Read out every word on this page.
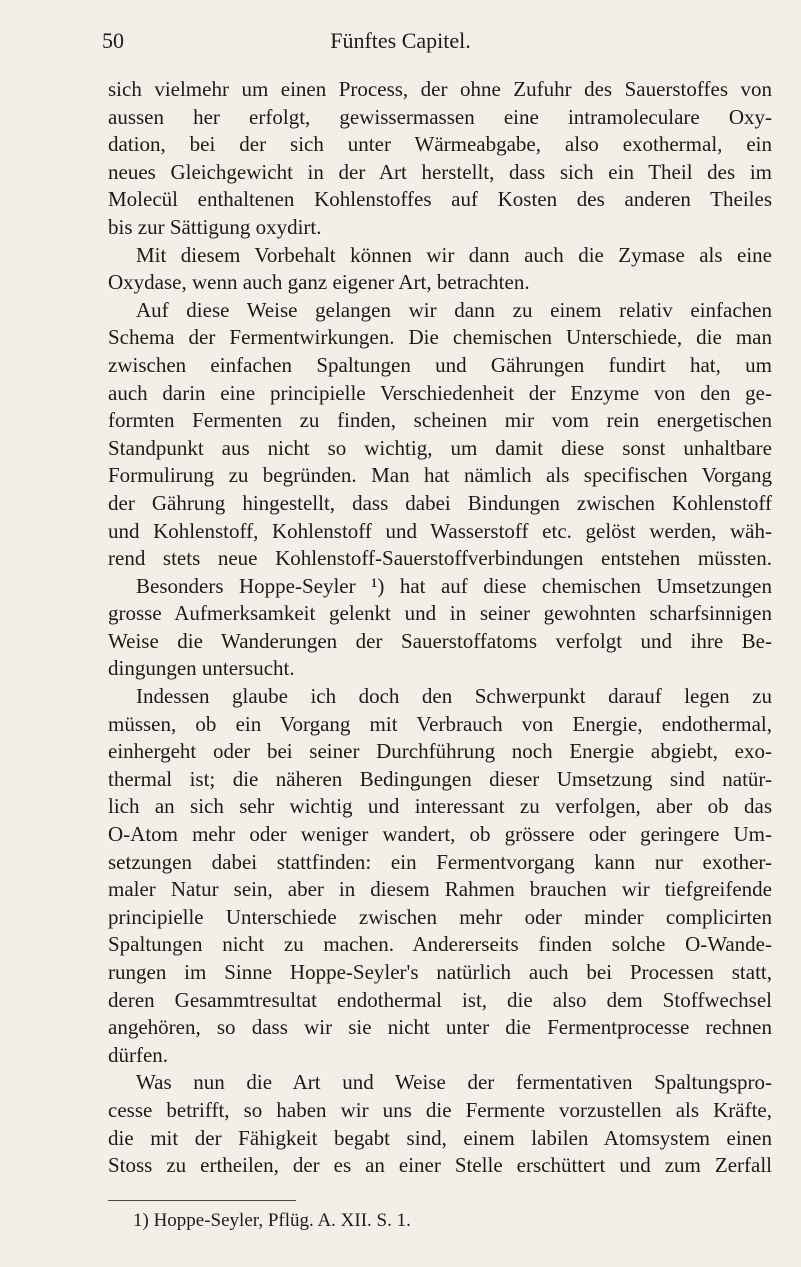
Fünftes Capitel.
50
sich vielmehr um einen Process, der ohne Zufuhr des Sauerstoffes von
aussen her erfolgt, gewissermassen eine intramoleculare Oxy-
dation, bei der sich unter Wärmeabgabe, also exothermal, ein
neues Gleichgewicht in der Art herstellt, dass sich ein Theil des im
Molecül enthaltenen Kohlenstoffes auf Kosten des anderen Theiles
bis zur Sättigung oxydirt.
Mit diesem Vorbehalt können wir dann auch die Zymase als eine
Oxydase, wenn auch ganz eigener Art, betrachten.
Auf diese Weise gelangen wir dann zu einem relativ einfachen
Schema der Fermentwirkungen. Die chemischen Unterschiede, die man
zwischen einfachen Spaltungen und Gährungen fundirt hat, um
auch darin eine principielle Verschiedenheit der Enzyme von den ge-
formten Fermenten zu finden, scheinen mir vom rein energetischen
Standpunkt aus nicht so wichtig, um damit diese sonst unhaltbare
Formulirung zu begründen. Man hat nämlich als specifischen Vorgang
der Gährung hingestellt, dass dabei Bindungen zwischen Kohlenstoff
und Kohlenstoff, Kohlenstoff und Wasserstoff etc. gelöst werden, wäh-
rend stets neue Kohlenstoff-Sauerstoffverbindungen entstehen müssten.
Besonders Hoppe-Seyler ¹) hat auf diese chemischen Umsetzungen
grosse Aufmerksamkeit gelenkt und in seiner gewohnten scharfsinnigen
Weise die Wanderungen der Sauerstoffatoms verfolgt und ihre Be-
dingungen untersucht.
Indessen glaube ich doch den Schwerpunkt darauf legen zu
müssen, ob ein Vorgang mit Verbrauch von Energie, endothermal,
einhergeht oder bei seiner Durchführung noch Energie abgiebt, exo-
thermal ist; die näheren Bedingungen dieser Umsetzung sind natür-
lich an sich sehr wichtig und interessant zu verfolgen, aber ob das
O-Atom mehr oder weniger wandert, ob grössere oder geringere Um-
setzungen dabei stattfinden: ein Fermentvorgang kann nur exother-
maler Natur sein, aber in diesem Rahmen brauchen wir tiefgreifende
principielle Unterschiede zwischen mehr oder minder complicirten
Spaltungen nicht zu machen. Andererseits finden solche O-Wande-
rungen im Sinne Hoppe-Seyler's natürlich auch bei Processen statt,
deren Gesammtresultat endothermal ist, die also dem Stoffwechsel
angehören, so dass wir sie nicht unter die Fermentprocesse rechnen
dürfen.
Was nun die Art und Weise der fermentativen Spaltungspro-
cesse betrifft, so haben wir uns die Fermente vorzustellen als Kräfte,
die mit der Fähigkeit begabt sind, einem labilen Atomsystem einen
Stoss zu ertheilen, der es an einer Stelle erschüttert und zum Zerfall
1) Hoppe-Seyler, Pflüg. A. XII. S. 1.
